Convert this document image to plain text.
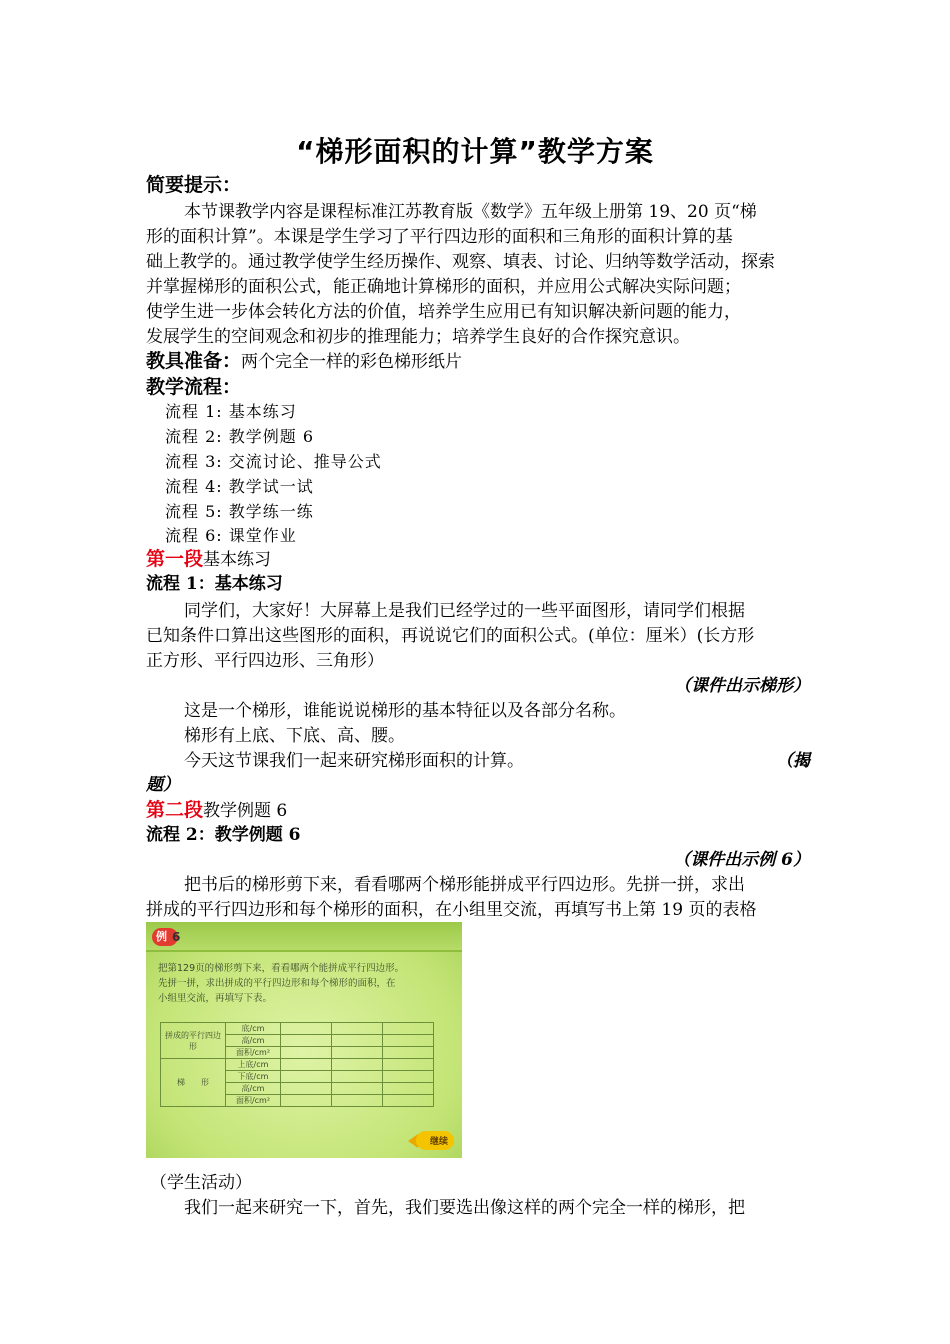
“梯形面积的计算”教学方案
简要提示：
本节课教学内容是课程标准江苏教育版《数学》五年级上册第 19、20 页“梯
形的面积计算”。本课是学生学习了平行四边形的面积和三角形的面积计算的基
础上教学的。通过教学使学生经历操作、观察、填表、讨论、归纳等数学活动，探索
并掌握梯形的面积公式，能正确地计算梯形的面积，并应用公式解决实际问题；
使学生进一步体会转化方法的价值，培养学生应用已有知识解决新问题的能力，
发展学生的空间观念和初步的推理能力；培养学生良好的合作探究意识。
教具准备：两个完全一样的彩色梯形纸片
教学流程：
流程 1: 基本练习
流程 2: 教学例题 6
流程 3: 交流讨论、推导公式
流程 4: 教学试一试
流程 5: 教学练一练
流程 6: 课堂作业
第一段基本练习
流程 1：基本练习
同学们，大家好！大屏幕上是我们已经学过的一些平面图形，请同学们根据
已知条件口算出这些图形的面积，再说说它们的面积公式。(单位：厘米）(长方形
正方形、平行四边形、三角形）
（课件出示梯形）
这是一个梯形，谁能说说梯形的基本特征以及各部分名称。
梯形有上底、下底、高、腰。
今天这节课我们一起来研究梯形面积的计算。	（揭
题）
第二段教学例题 6
流程 2：教学例题 6
（课件出示例 6）
把书后的梯形剪下来，看看哪两个梯形能拼成平行四边形。先拼一拼，求出
拼成的平行四边形和每个梯形的面积，在小组里交流，再填写书上第 19 页的表格
例 6
把第129页的梯形剪下来，看看哪两个能拼成平行四边形。
先拼一拼，求出拼成的平行四边形和每个梯形的面积，在
小组里交流，再填写下表。
拼成的平行四边形	底/cm			
	高/cm			
	面积/cm²			
梯　　形	上底/cm			
	下底/cm			
	高/cm			
	面积/cm²			
继续
（学生活动）
我们一起来研究一下，首先，我们要选出像这样的两个完全一样的梯形，把
